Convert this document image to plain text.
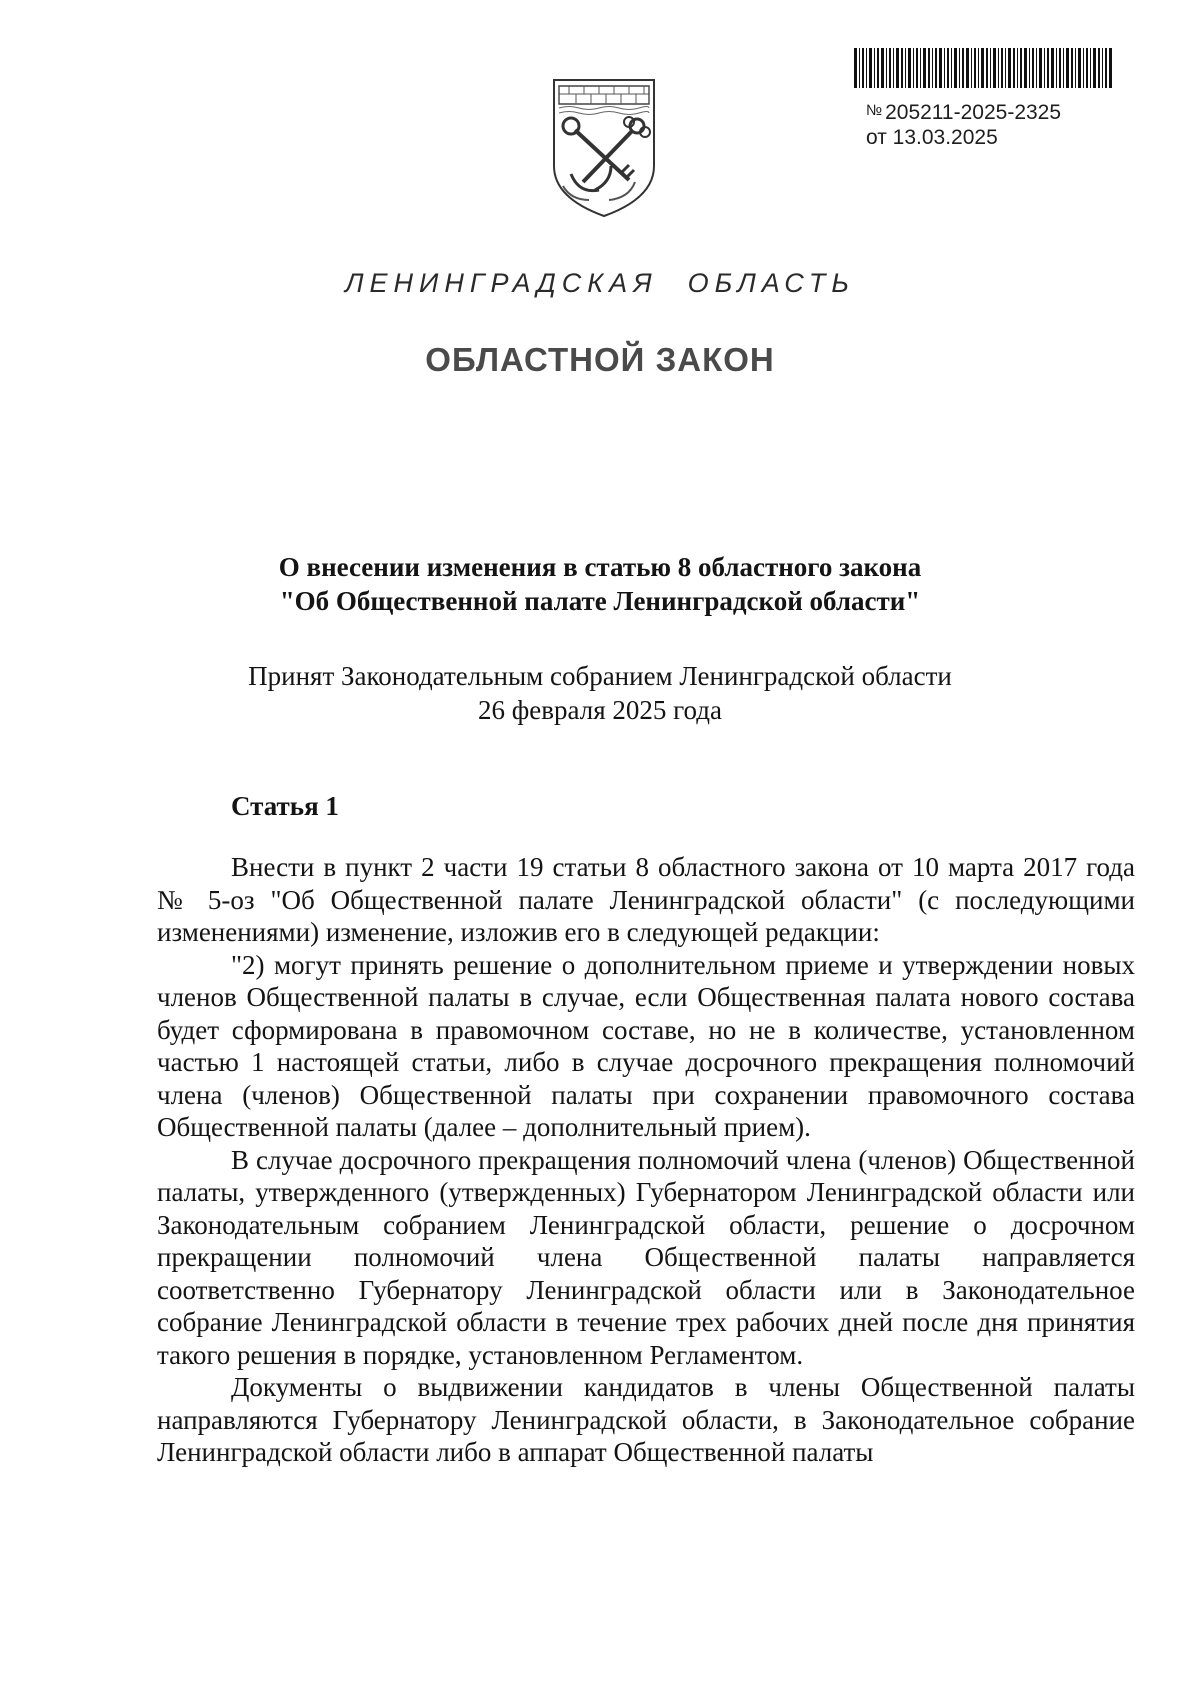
№ 205211-2025-2325
от 13.03.2025
ЛЕНИНГРАДСКАЯ ОБЛАСТЬ
ОБЛАСТНОЙ ЗАКОН
О внесении изменения в статью 8 областного закона
"Об Общественной палате Ленинградской области"
Принят Законодательным собранием Ленинградской области
26 февраля 2025 года
Статья 1

Внести в пункт 2 части 19 статьи 8 областного закона от 10 марта 2017 года № 5-оз "Об Общественной палате Ленинградской области" (с последующими изменениями) изменение, изложив его в следующей редакции:

"2) могут принять решение о дополнительном приеме и утверждении новых членов Общественной палаты в случае, если Общественная палата нового состава будет сформирована в правомочном составе, но не в количестве, установленном частью 1 настоящей статьи, либо в случае досрочного прекращения полномочий члена (членов) Общественной палаты при сохранении правомочного состава Общественной палаты (далее – дополнительный прием).

В случае досрочного прекращения полномочий члена (членов) Общественной палаты, утвержденного (утвержденных) Губернатором Ленинградской области или Законодательным собранием Ленинградской области, решение о досрочном прекращении полномочий члена Общественной палаты направляется соответственно Губернатору Ленинградской области или в Законодательное собрание Ленинградской области в течение трех рабочих дней после дня принятия такого решения в порядке, установленном Регламентом.

Документы о выдвижении кандидатов в члены Общественной палаты направляются Губернатору Ленинградской области, в Законодательное собрание Ленинградской области либо в аппарат Общественной палаты
